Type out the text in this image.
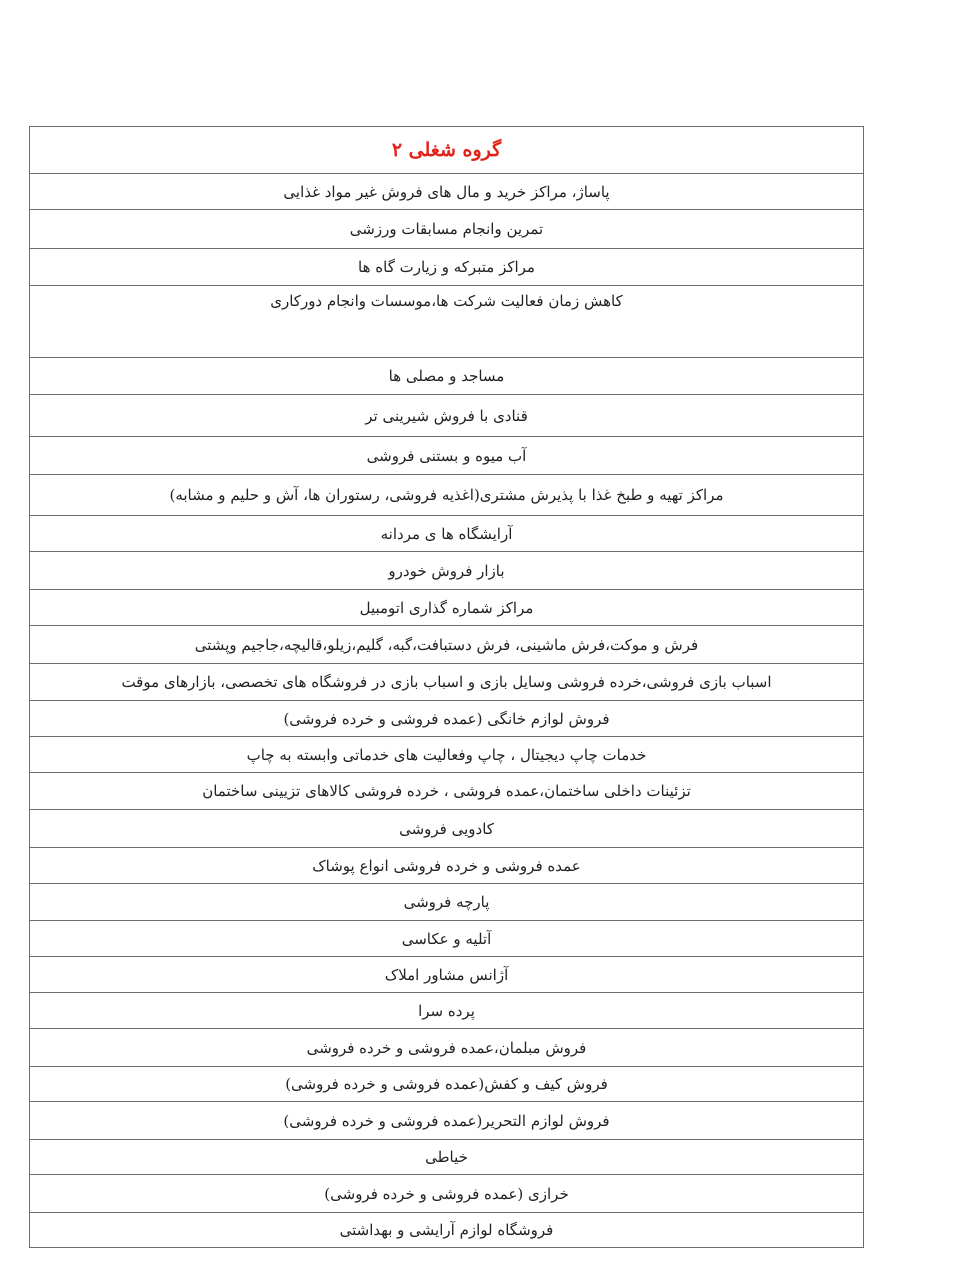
گروه شغلی ۲
پاساژ، مراکز خرید و مال های فروش غیر مواد غذایی
تمرین وانجام مسابقات ورزشی
مراکز متبرکه و زیارت گاه ها
کاهش زمان فعالیت شرکت ها،موسسات وانجام دورکاری
مساجد و مصلی ها
قنادی با فروش شیرینی تر
آب میوه و بستنی فروشی
مراکز تهیه و طبخ غذا با پذیرش مشتری(اغذیه فروشی، رستوران ها، آش و حلیم و مشابه)
آرایشگاه ها ی مردانه
بازار فروش خودرو
مراکز شماره گذاری اتومبیل
فرش و موکت،فرش ماشینی، فرش دستبافت،گبه، گلیم،زیلو،قالیچه،جاجیم وپشتی
اسباب بازی فروشی،خرده فروشی وسایل بازی و اسباب بازی در فروشگاه های تخصصی، بازارهای موقت
فروش لوازم خانگی (عمده فروشی و خرده فروشی)
خدمات چاپ دیجیتال ، چاپ وفعالیت های خدماتی وابسته به چاپ
تزئینات داخلی ساختمان،عمده فروشی ، خرده فروشی کالاهای تزیینی ساختمان
کادویی فروشی
عمده فروشی و خرده فروشی انواع پوشاک
پارچه فروشی
آتلیه و عکاسی
آژانس مشاور املاک
پرده سرا
فروش مبلمان،عمده فروشی و خرده فروشی
فروش کیف و کفش(عمده فروشی و خرده فروشی)
فروش لوازم التحریر(عمده فروشی و خرده فروشی)
خیاطی
خرازی (عمده فروشی و خرده فروشی)
فروشگاه لوازم آرایشی و بهداشتی
